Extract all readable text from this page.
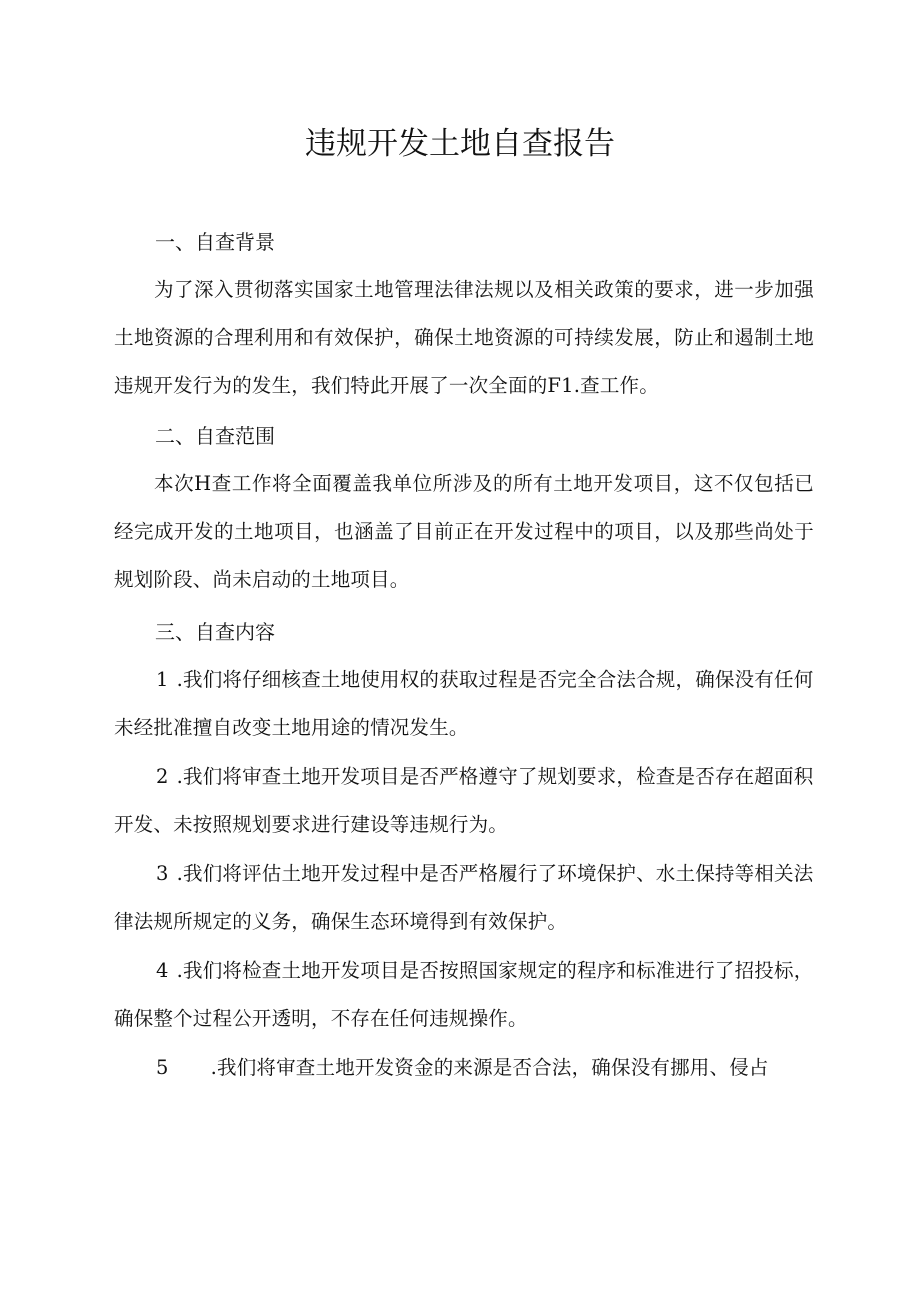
违规开发土地自查报告
一、自查背景

为了深入贯彻落实国家土地管理法律法规以及相关政策的要求，进一步加强土地资源的合理利用和有效保护，确保土地资源的可持续发展，防止和遏制土地违规开发行为的发生，我们特此开展了一次全面的F1.查工作。

二、自查范围

本次H查工作将全面覆盖我单位所涉及的所有土地开发项目，这不仅包括已经完成开发的土地项目，也涵盖了目前正在开发过程中的项目，以及那些尚处于规划阶段、尚未启动的土地项目。

三、自查内容

1 .我们将仔细核查土地使用权的获取过程是否完全合法合规，确保没有任何未经批准擅自改变土地用途的情况发生。

2 .我们将审查土地开发项目是否严格遵守了规划要求，检查是否存在超面积开发、未按照规划要求进行建设等违规行为。

3 .我们将评估土地开发过程中是否严格履行了环境保护、水土保持等相关法律法规所规定的义务，确保生态环境得到有效保护。

4 .我们将检查土地开发项目是否按照国家规定的程序和标准进行了招投标，确保整个过程公开透明，不存在任何违规操作。

5 .我们将审查土地开发资金的来源是否合法，确保没有挪用、侵占
